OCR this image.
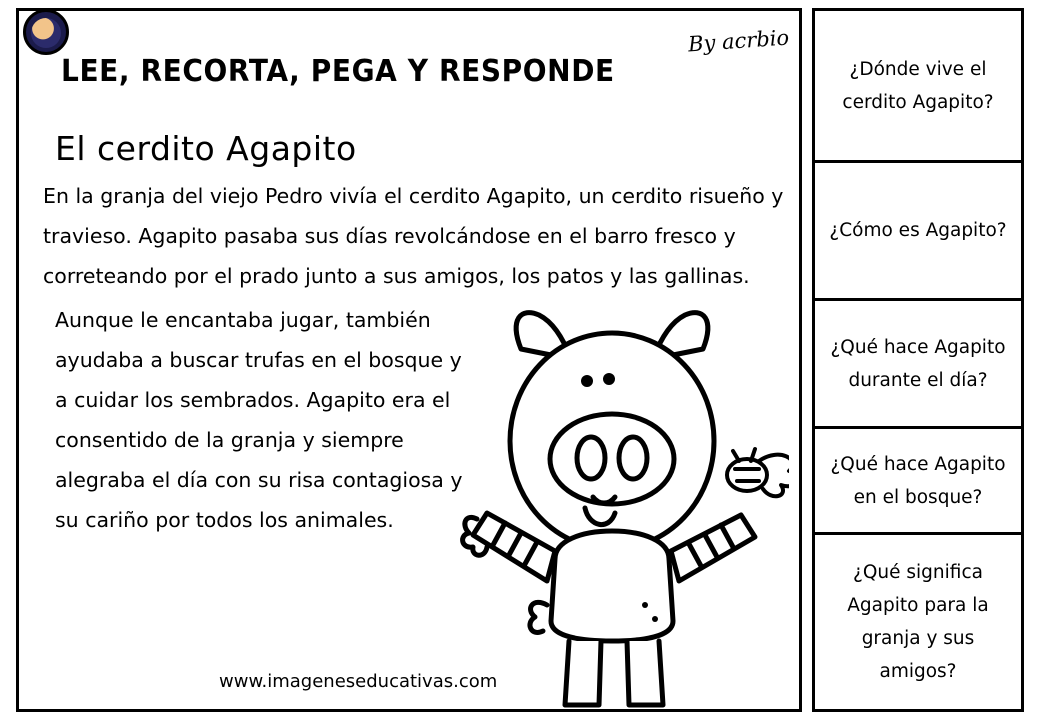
LEE, RECORTA, PEGA Y RESPONDE
By acrbio
El cerdito Agapito
En la granja del viejo Pedro vivía el cerdito Agapito, un cerdito risueño y travieso. Agapito pasaba sus días revolcándose en el barro fresco y correteando por el prado junto a sus amigos, los patos y las gallinas.
Aunque le encantaba jugar, también ayudaba a buscar trufas en el bosque y a cuidar los sembrados. Agapito era el consentido de la granja y siempre alegraba el día con su risa contagiosa y su cariño por todos los animales.
www.imageneseducativas.com
¿Dónde vive el cerdito Agapito?
¿Cómo es Agapito?
¿Qué hace Agapito durante el día?
¿Qué hace Agapito en el bosque?
¿Qué significa Agapito para la granja y sus amigos?
